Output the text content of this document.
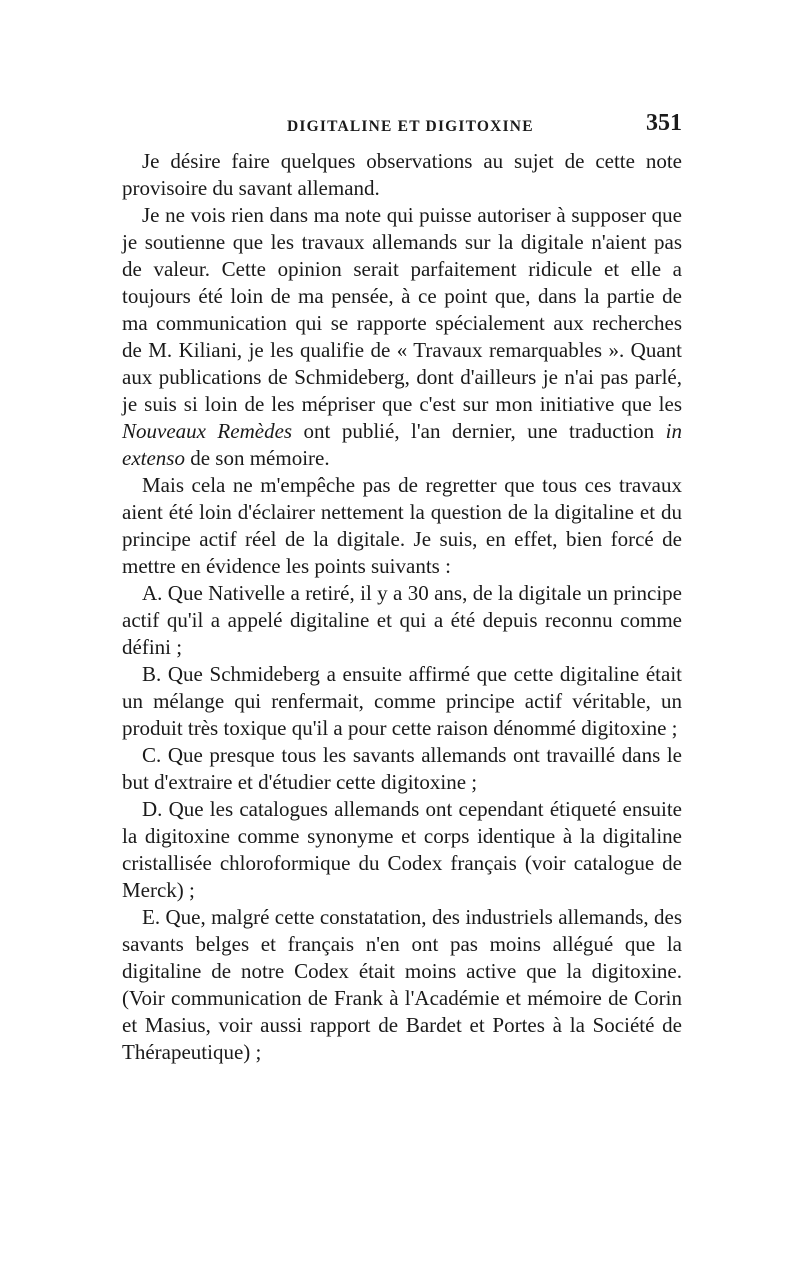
DIGITALINE ET DIGITOXINE	351

Je désire faire quelques observations au sujet de cette note provisoire du savant allemand.

Je ne vois rien dans ma note qui puisse autoriser à supposer que je soutienne que les travaux allemands sur la digitale n'aient pas de valeur. Cette opinion serait parfaitement ridicule et elle a toujours été loin de ma pensée, à ce point que, dans la partie de ma communication qui se rapporte spécialement aux recherches de M. Kiliani, je les qualifie de « Travaux remarquables ». Quant aux publications de Schmideberg, dont d'ailleurs je n'ai pas parlé, je suis si loin de les mépriser que c'est sur mon initiative que les Nouveaux Remèdes ont publié, l'an dernier, une traduction in extenso de son mémoire.

Mais cela ne m'empêche pas de regretter que tous ces travaux aient été loin d'éclairer nettement la question de la digitaline et du principe actif réel de la digitale. Je suis, en effet, bien forcé de mettre en évidence les points suivants :

A. Que Nativelle a retiré, il y a 30 ans, de la digitale un principe actif qu'il a appelé digitaline et qui a été depuis reconnu comme défini ;

B. Que Schmideberg a ensuite affirmé que cette digitaline était un mélange qui renfermait, comme principe actif véritable, un produit très toxique qu'il a pour cette raison dénommé digitoxine ;

C. Que presque tous les savants allemands ont travaillé dans le but d'extraire et d'étudier cette digitoxine ;

D. Que les catalogues allemands ont cependant étiqueté ensuite la digitoxine comme synonyme et corps identique à la digitaline cristallisée chloroformique du Codex français (voir catalogue de Merck) ;

E. Que, malgré cette constatation, des industriels allemands, des savants belges et français n'en ont pas moins allégué que la digitaline de notre Codex était moins active que la digitoxine. (Voir communication de Frank à l'Académie et mémoire de Corin et Masius, voir aussi rapport de Bardet et Portes à la Société de Thérapeutique) ;
